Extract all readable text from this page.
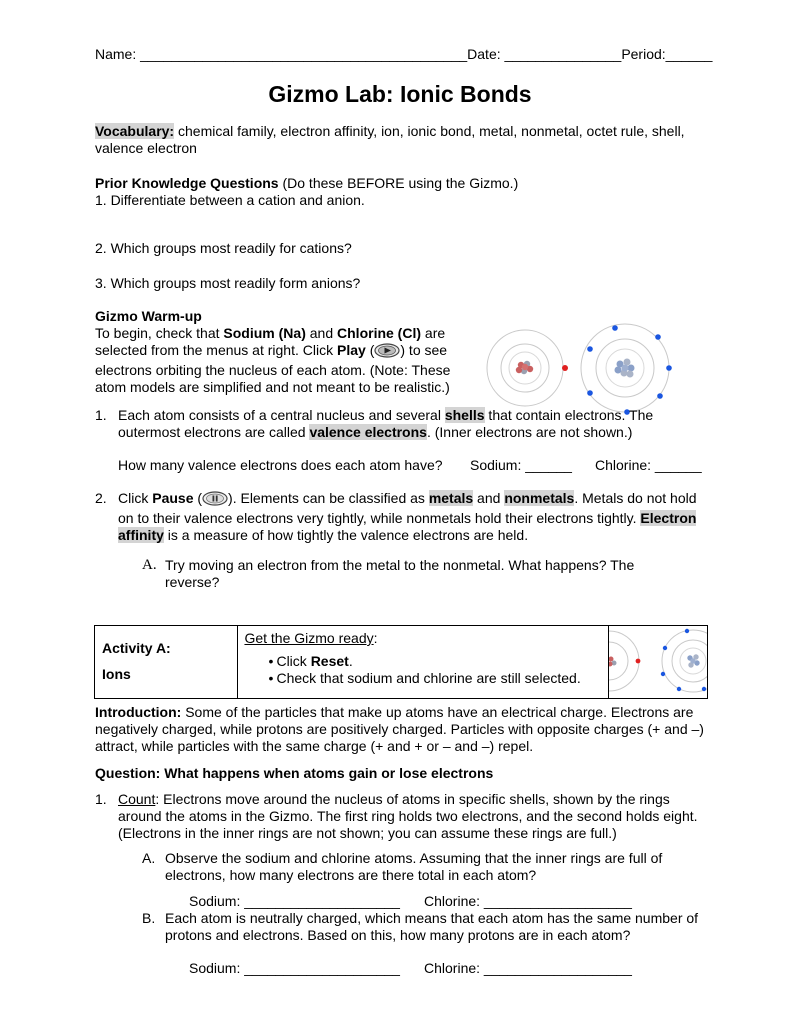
Name: __________________________________________Date: _______________Period:______
Gizmo Lab: Ionic Bonds

Vocabulary: chemical family, electron affinity, ion, ionic bond, metal, nonmetal, octet rule, shell, valence electron

Prior Knowledge Questions (Do these BEFORE using the Gizmo.)

1. Differentiate between a cation and anion.

2. Which groups most readily for cations?

3. Which groups most readily form anions?

Gizmo Warm-up

To begin, check that Sodium (Na) and Chlorine (Cl) are selected from the menus at right. Click Play ( ) to see electrons orbiting the nucleus of each atom. (Note: These atom models are simplified and not meant to be realistic.)

1. Each atom consists of a central nucleus and several shells that contain electrons. The outermost electrons are called valence electrons. (Inner electrons are not shown.)

How many valence electrons does each atom have? Sodium: ______ Chlorine: ______

2. Click Pause ( ). Elements can be classified as metals and nonmetals. Metals do not hold on to their valence electrons very tightly, while nonmetals hold their electrons tightly. Electron affinity is a measure of how tightly the valence electrons are held.

A. Try moving an electron from the metal to the nonmetal. What happens? The reverse?

Activity A:
Ions

Get the Gizmo ready:
• Click Reset.
• Check that sodium and chlorine are still selected.

Introduction: Some of the particles that make up atoms have an electrical charge. Electrons are negatively charged, while protons are positively charged. Particles with opposite charges (+ and –) attract, while particles with the same charge (+ and + or – and –) repel.

Question: What happens when atoms gain or lose electrons

1. Count: Electrons move around the nucleus of atoms in specific shells, shown by the rings around the atoms in the Gizmo. The first ring holds two electrons, and the second holds eight. (Electrons in the inner rings are not shown; you can assume these rings are full.)

A. Observe the sodium and chlorine atoms. Assuming that the inner rings are full of electrons, how many electrons are there total in each atom?

Sodium: ____________________ Chlorine: ___________________

B. Each atom is neutrally charged, which means that each atom has the same number of protons and electrons. Based on this, how many protons are in each atom?

Sodium: ____________________ Chlorine: ___________________
